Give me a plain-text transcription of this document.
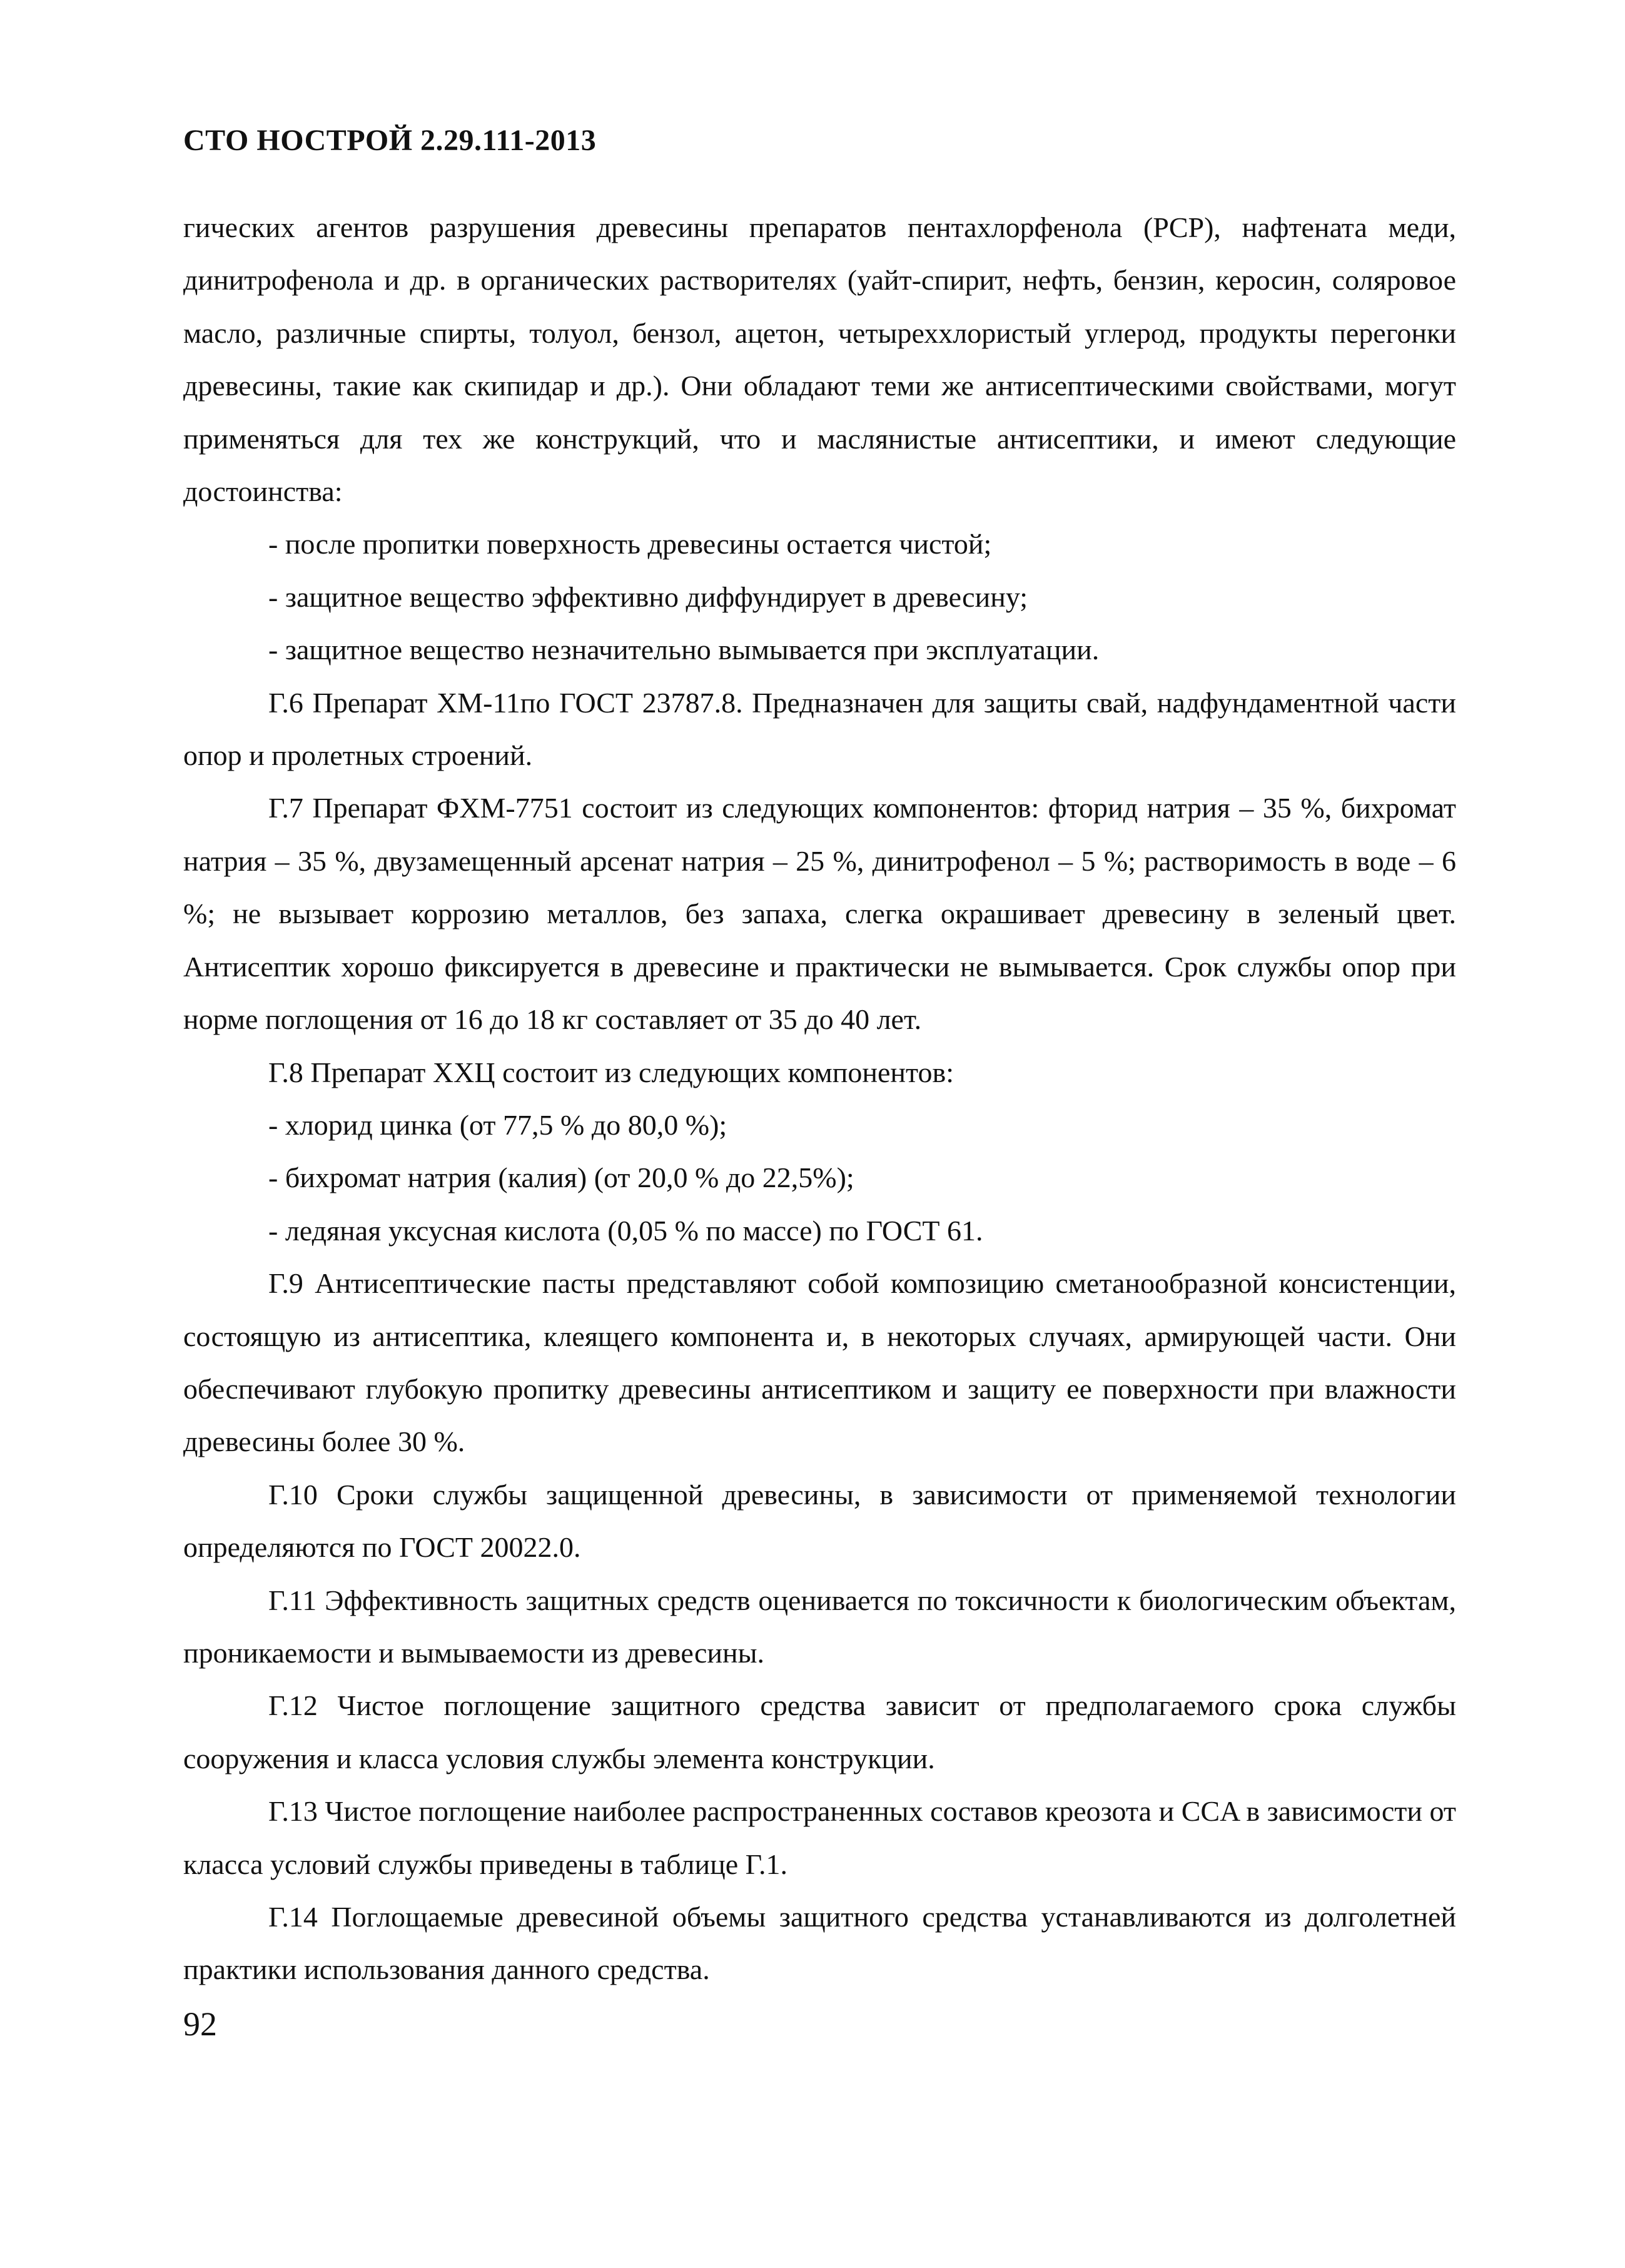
СТО НОСТРОЙ 2.29.111-2013

гических агентов разрушения древесины препаратов пентахлорфенола (PCP), нафтената меди, динитрофенола и др. в органических растворителях (уайт-спирит, нефть, бензин, керосин, соляровое масло, различные спирты, толуол, бензол, ацетон, четыреххлористый углерод, продукты перегонки древесины, такие как скипидар и др.). Они обладают теми же антисептическими свойствами, могут применяться для тех же конструкций, что и маслянистые антисептики, и имеют следующие достоинства:

- после пропитки поверхность древесины остается чистой;

- защитное вещество эффективно диффундирует в древесину;

- защитное вещество незначительно вымывается при эксплуатации.

Г.6 Препарат ХМ-11по ГОСТ 23787.8. Предназначен для защиты свай, надфундаментной части опор и пролетных строений.

Г.7 Препарат ФХМ-7751 состоит из следующих компонентов: фторид натрия – 35 %, бихромат натрия – 35 %, двузамещенный арсенат натрия – 25 %, динитрофенол – 5 %; растворимость в воде – 6 %; не вызывает коррозию металлов, без запаха, слегка окрашивает древесину в зеленый цвет. Антисептик хорошо фиксируется в древесине и практически не вымывается. Срок службы опор при норме поглощения от 16 до 18 кг составляет от 35 до 40 лет.

Г.8 Препарат ХХЦ состоит из следующих компонентов:

- хлорид цинка (от 77,5 % до 80,0 %);

- бихромат натрия (калия) (от 20,0 % до 22,5%);

- ледяная уксусная кислота (0,05 % по массе) по ГОСТ 61.

Г.9 Антисептические пасты представляют собой композицию сметанообразной консистенции, состоящую из антисептика, клеящего компонента и, в некоторых случаях, армирующей части. Они обеспечивают глубокую пропитку древесины антисептиком и защиту ее поверхности при влажности древесины более 30 %.

Г.10 Сроки службы защищенной древесины, в зависимости от применяемой технологии определяются по ГОСТ 20022.0.

Г.11 Эффективность защитных средств оценивается по токсичности к биологическим объектам, проникаемости и вымываемости из древесины.

Г.12 Чистое поглощение защитного средства зависит от предполагаемого срока службы сооружения и класса условия службы элемента конструкции.

Г.13 Чистое поглощение наиболее распространенных составов креозота и CCA в зависимости от класса условий службы приведены в таблице Г.1.

Г.14 Поглощаемые древесиной объемы защитного средства устанавливаются из долголетней практики использования данного средства.

92
